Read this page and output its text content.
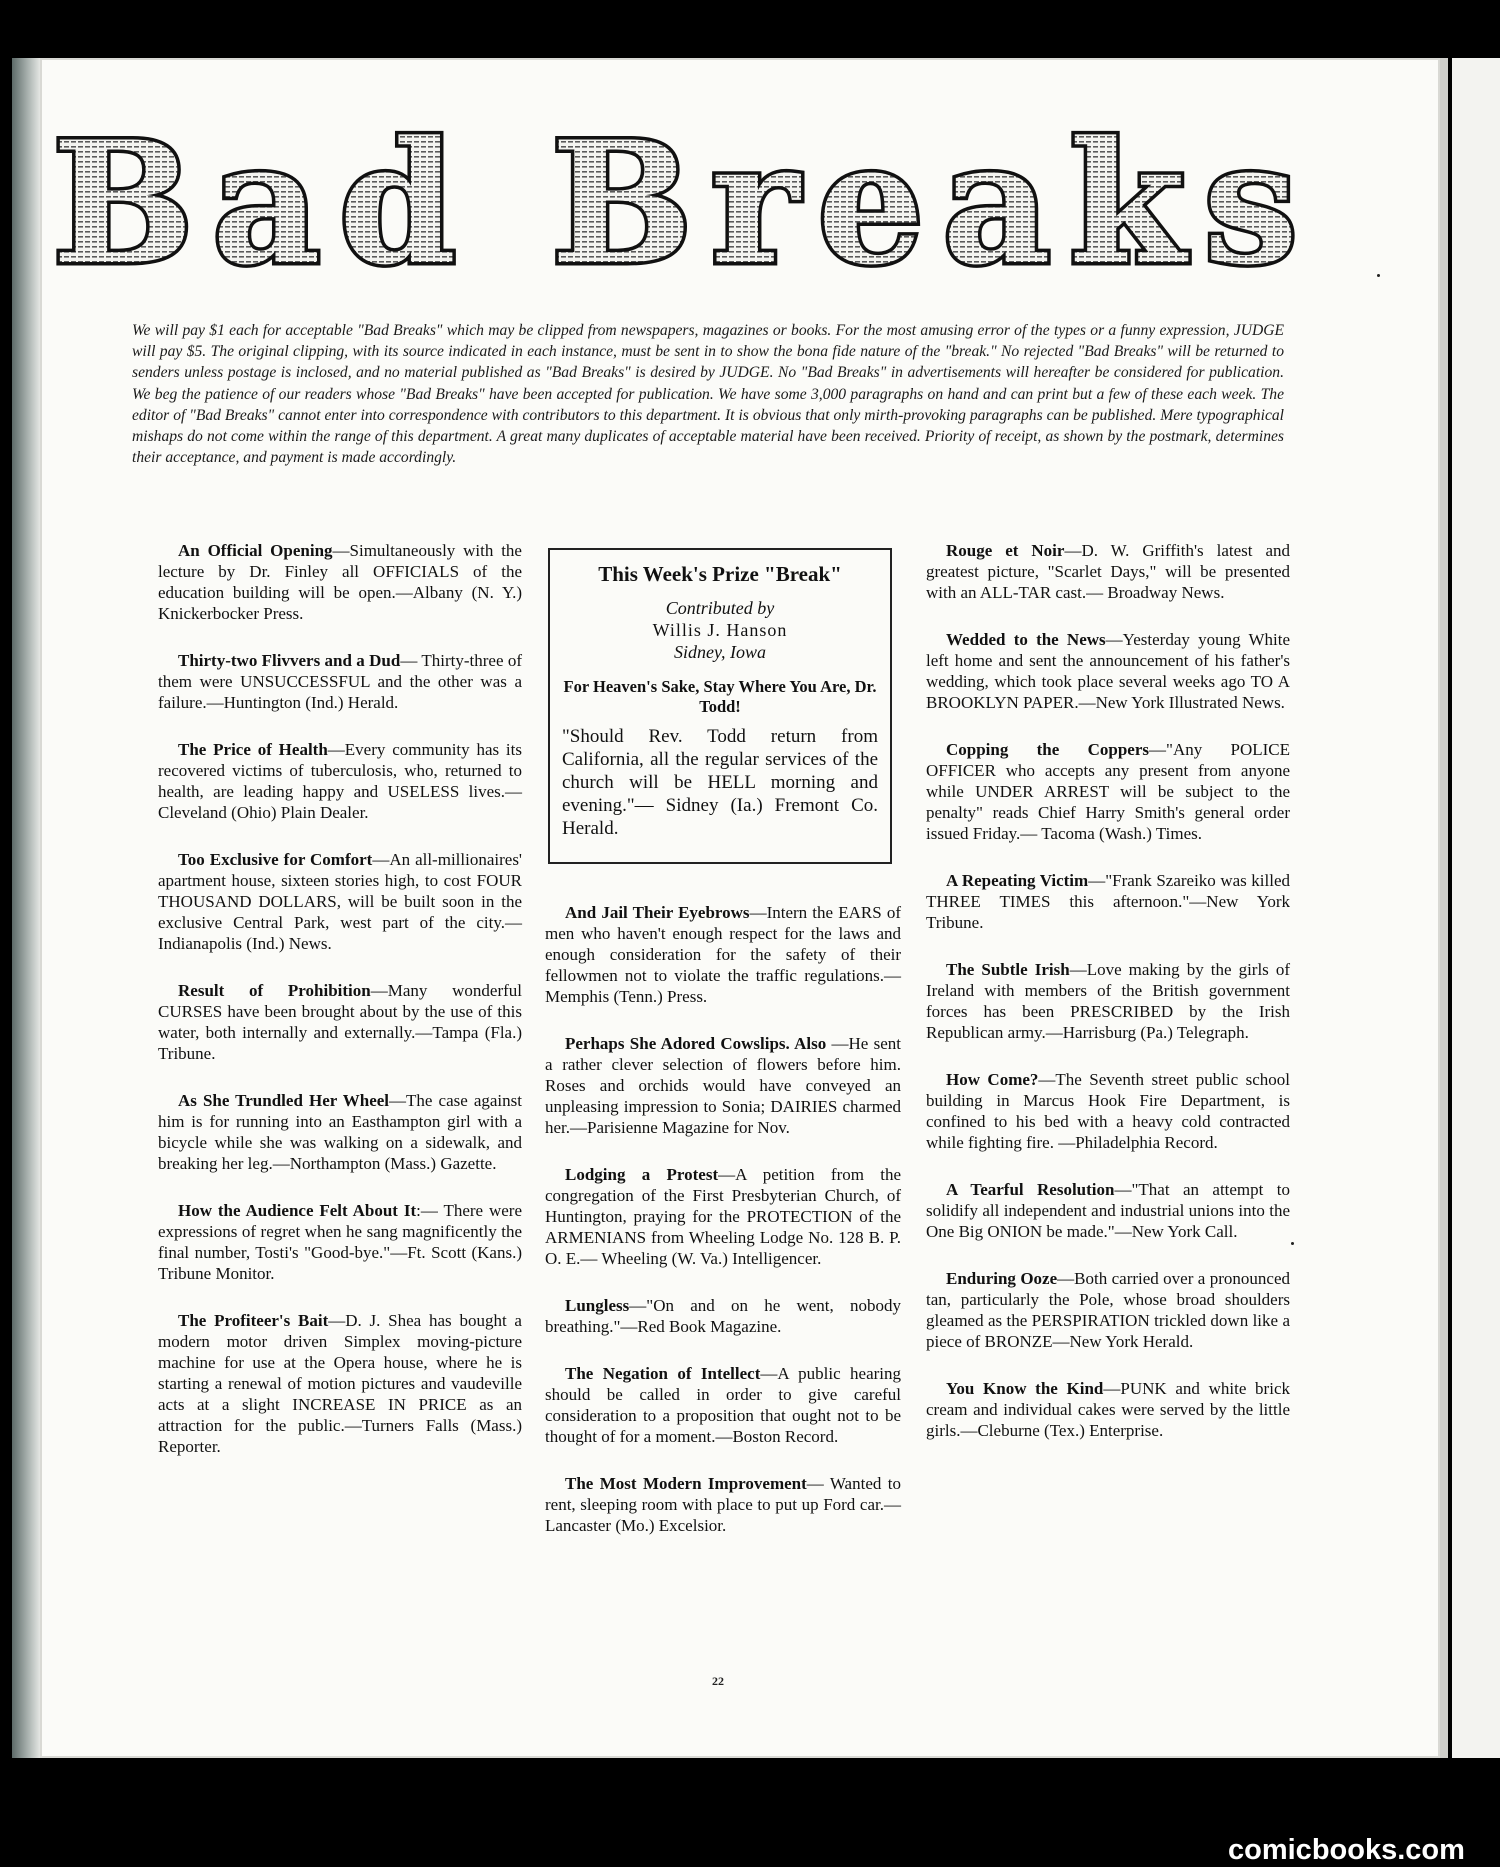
Bad Breaks
We will pay $1 each for acceptable "Bad Breaks" which may be clipped from newspapers, magazines or books. For the most amusing error of the types or a funny expression, JUDGE will pay $5. The original clipping, with its source indicated in each instance, must be sent in to show the bona fide nature of the "break." No rejected "Bad Breaks" will be returned to senders unless postage is inclosed, and no material published as "Bad Breaks" is desired by JUDGE. No "Bad Breaks" in advertisements will hereafter be considered for publication. We beg the patience of our readers whose "Bad Breaks" have been accepted for publication. We have some 3,000 paragraphs on hand and can print but a few of these each week. The editor of "Bad Breaks" cannot enter into correspondence with contributors to this department. It is obvious that only mirth-provoking paragraphs can be published. Mere typographical mishaps do not come within the range of this department. A great many duplicates of acceptable material have been received. Priority of receipt, as shown by the postmark, determines their acceptance, and payment is made accordingly.
This Week's Prize "Break"
Contributed by
Willis J. Hanson
Sidney, Iowa
For Heaven's Sake, Stay Where You Are, Dr. Todd!
"Should Rev. Todd return from California, all the regular services of the church will be HELL morning and evening."— Sidney (Ia.) Fremont Co. Herald.

An Official Opening—Simultaneously with the lecture by Dr. Finley all OFFICIALS of the education building will be open.—Albany (N. Y.) Knickerbocker Press.

Thirty-two Flivvers and a Dud— Thirty-three of them were UNSUCCESSFUL and the other was a failure.—Huntington (Ind.) Herald.

The Price of Health—Every community has its recovered victims of tuberculosis, who, returned to health, are leading happy and USELESS lives.—Cleveland (Ohio) Plain Dealer.

Too Exclusive for Comfort—An all-millionaires' apartment house, sixteen stories high, to cost FOUR THOUSAND DOLLARS, will be built soon in the exclusive Central Park, west part of the city.— Indianapolis (Ind.) News.

Result of Prohibition—Many wonderful CURSES have been brought about by the use of this water, both internally and externally.—Tampa (Fla.) Tribune.

As She Trundled Her Wheel—The case against him is for running into an Easthampton girl with a bicycle while she was walking on a sidewalk, and breaking her leg.—Northampton (Mass.) Gazette.

How the Audience Felt About It:— There were expressions of regret when he sang magnificently the final number, Tosti's "Good-bye."—Ft. Scott (Kans.) Tribune Monitor.

The Profiteer's Bait—D. J. Shea has bought a modern motor driven Simplex moving-picture machine for use at the Opera house, where he is starting a renewal of motion pictures and vaudeville acts at a slight INCREASE IN PRICE as an attraction for the public.—Turners Falls (Mass.) Reporter.

And Jail Their Eyebrows—Intern the EARS of men who haven't enough respect for the laws and enough consideration for the safety of their fellowmen not to violate the traffic regulations.—Memphis (Tenn.) Press.

Perhaps She Adored Cowslips. Also —He sent a rather clever selection of flowers before him. Roses and orchids would have conveyed an unpleasing impression to Sonia; DAIRIES charmed her.—Parisienne Magazine for Nov.

Lodging a Protest—A petition from the congregation of the First Presbyterian Church, of Huntington, praying for the PROTECTION of the ARMENIANS from Wheeling Lodge No. 128 B. P. O. E.— Wheeling (W. Va.) Intelligencer.

Lungless—"On and on he went, nobody breathing."—Red Book Magazine.

The Negation of Intellect—A public hearing should be called in order to give careful consideration to a proposition that ought not to be thought of for a moment.—Boston Record.

The Most Modern Improvement— Wanted to rent, sleeping room with place to put up Ford car.—Lancaster (Mo.) Excelsior.

Rouge et Noir—D. W. Griffith's latest and greatest picture, "Scarlet Days," will be presented with an ALL-TAR cast.— Broadway News.

Wedded to the News—Yesterday young White left home and sent the announcement of his father's wedding, which took place several weeks ago TO A BROOKLYN PAPER.—New York Illustrated News.

Copping the Coppers—"Any POLICE OFFICER who accepts any present from anyone while UNDER ARREST will be subject to the penalty" reads Chief Harry Smith's general order issued Friday.— Tacoma (Wash.) Times.

A Repeating Victim—"Frank Szareiko was killed THREE TIMES this afternoon."—New York Tribune.

The Subtle Irish—Love making by the girls of Ireland with members of the British government forces has been PRESCRIBED by the Irish Republican army.—Harrisburg (Pa.) Telegraph.

How Come?—The Seventh street public school building in Marcus Hook Fire Department, is confined to his bed with a heavy cold contracted while fighting fire. —Philadelphia Record.

A Tearful Resolution—"That an attempt to solidify all independent and industrial unions into the One Big ONION be made."—New York Call.

Enduring Ooze—Both carried over a pronounced tan, particularly the Pole, whose broad shoulders gleamed as the PERSPIRATION trickled down like a piece of BRONZE—New York Herald.

You Know the Kind—PUNK and white brick cream and individual cakes were served by the little girls.—Cleburne (Tex.) Enterprise.

22
comicbooks.com
